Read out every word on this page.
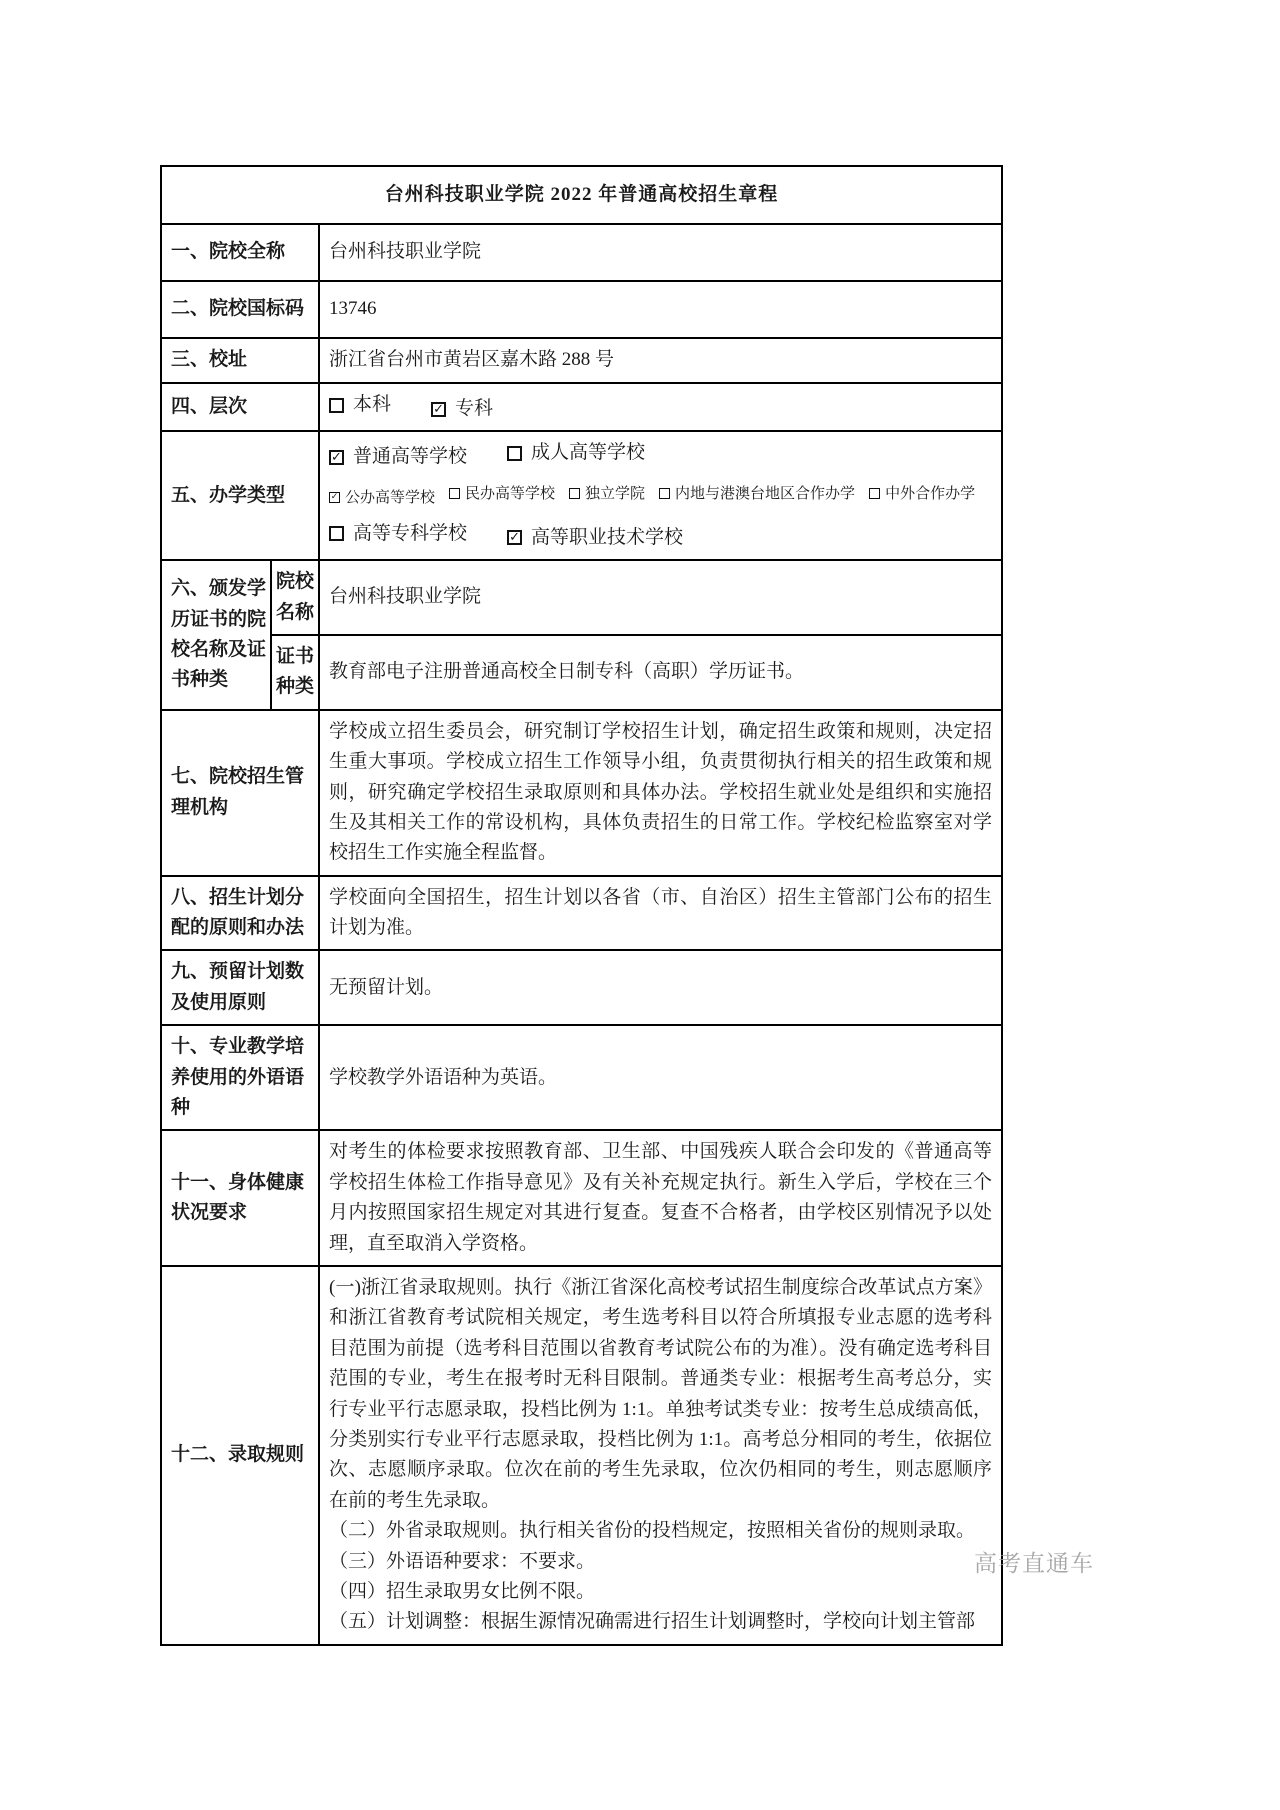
台州科技职业学院 2022 年普通高校招生章程		
一、院校全称		台州科技职业学院
二、院校国标码		13746
三、校址		浙江省台州市黄岩区嘉木路 288 号
四、层次		本科 ✓ 专科

五、办学类型	
✓ 普通高等学校	成人高等学校
✓ 公办高等学校 民办高等学校 独立学院 内地与港澳台地区合作办学 中外合作办学
高等专科学校	✓ 高等职业技术学校

六、颁发学历证书的院校名称及证书种类	院校名称	台州科技职业学院
	证书种类	教育部电子注册普通高校全日制专科（高职）学历证书。
七、院校招生管理机构		学校成立招生委员会，研究制订学校招生计划，确定招生政策和规则，决定招生重大事项。学校成立招生工作领导小组，负责贯彻执行相关的招生政策和规则，研究确定学校招生录取原则和具体办法。学校招生就业处是组织和实施招生及其相关工作的常设机构，具体负责招生的日常工作。学校纪检监察室对学校招生工作实施全程监督。
八、招生计划分配的原则和办法		学校面向全国招生，招生计划以各省（市、自治区）招生主管部门公布的招生计划为准。
九、预留计划数及使用原则		无预留计划。
十、专业教学培养使用的外语语种		学校教学外语语种为英语。
十一、身体健康状况要求		对考生的体检要求按照教育部、卫生部、中国残疾人联合会印发的《普通高等学校招生体检工作指导意见》及有关补充规定执行。新生入学后，学校在三个月内按照国家招生规定对其进行复查。复查不合格者，由学校区别情况予以处理，直至取消入学资格。
十二、录取规则		(一)浙江省录取规则。执行《浙江省深化高校考试招生制度综合改革试点方案》和浙江省教育考试院相关规定，考生选考科目以符合所填报专业志愿的选考科目范围为前提（选考科目范围以省教育考试院公布的为准）。没有确定选考科目范围的专业，考生在报考时无科目限制。普通类专业：根据考生高考总分，实行专业平行志愿录取，投档比例为 1:1。单独考试类专业：按考生总成绩高低，分类别实行专业平行志愿录取，投档比例为 1:1。高考总分相同的考生，依据位次、志愿顺序录取。位次在前的考生先录取，位次仍相同的考生，则志愿顺序在前的考生先录取。
（二）外省录取规则。执行相关省份的投档规定，按照相关省份的规则录取。
（三）外语语种要求：不要求。
（四）招生录取男女比例不限。
（五）计划调整：根据生源情况确需进行招生计划调整时，学校向计划主管部
高考直通车
